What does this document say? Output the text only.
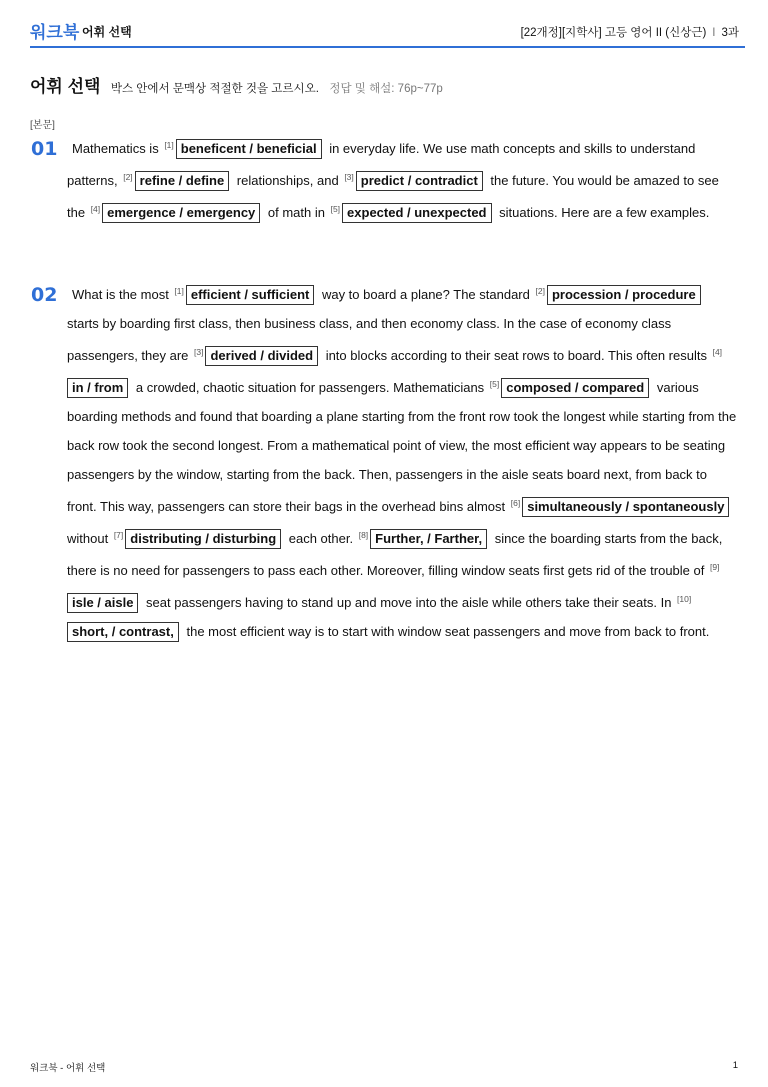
워크북 어휘 선택	[22개정][지학사] 고등 영어 II (신상근) I 3과
어휘 선택 박스 안에서 문맥상 적절한 것을 고르시오. 정답 및 해설: 76p~77p
[본문]
01	Mathematics is [1] beneficent / beneficial in everyday life. We use math concepts and skills to understand patterns, [2] refine / define relationships, and [3] predict / contradict the future. You would be amazed to see the [4] emergence / emergency of math in [5] expected / unexpected situations. Here are a few examples.

02	What is the most [1] efficient / sufficient way to board a plane? The standard [2] procession / procedure starts by boarding first class, then business class, and then economy class. In the case of economy class passengers, they are [3] derived / divided into blocks according to their seat rows to board. This often results [4]in / from a crowded, chaotic situation for passengers. Mathematicians [5] composed / compared various boarding methods and found that boarding a plane starting from the front row took the longest while starting from the back row took the second longest. From a mathematical point of view, the most efficient way appears to be seating passengers by the window, starting from the back. Then, passengers in the aisle seats board next, from back to front. This way, passengers can store their bags in the overhead bins almost [6] simultaneously / spontaneously without [7] distributing / disturbing each other. [8] Further, / Farther, since the boarding starts from the back, there is no need for passengers to pass each other. Moreover, filling window seats first gets rid of the trouble of [9]isle / aisle seat passengers having to stand up and move into the aisle while others take their seats. In [10]short, / contrast, the most efficient way is to start with window seat passengers and move from back to front.

워크북 - 어휘 선택	1
